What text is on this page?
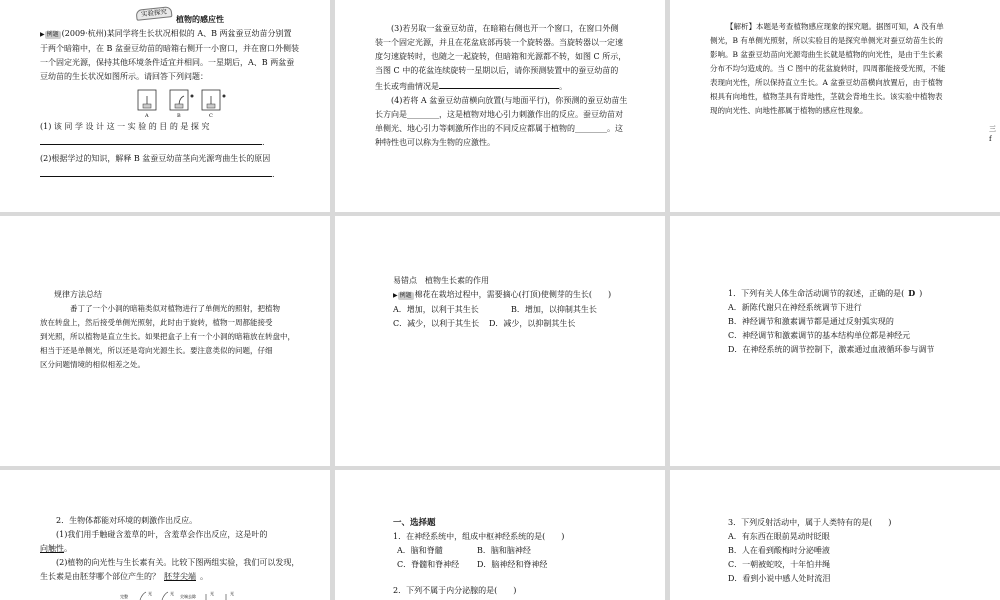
实验探究
植物的感应性

▶ 例题 (2009·杭州)某同学将生长状况相似的 A、B 两盆蚕豆幼苗分别置

于两个暗箱中，在 B 盆蚕豆幼苗的暗箱右侧开一小窗口，并在窗口外侧装

一个固定光源，保持其他环境条件适宜并相同。一星期后，A、B 两盆蚕

豆幼苗的生长状况如图所示。请回答下列问题：

A	B	C

(1) 该 同 学 设 计 这 一 实 验 的 目 的 是 探 究

.

(2)根据学过的知识，解释 B 盆蚕豆幼苗茎向光源弯曲生长的原因

.

(3)若另取一盆蚕豆幼苗，在暗箱右侧也开一个窗口，在窗口外侧

装一个固定光源，并且在花盆底部再装一个旋转器。当旋转器以一定速

度匀速旋转时，也随之一起旋转，但暗箱和光源都不转，如图 C 所示，

当图 C 中的花盆连续旋转一星期以后，请你预测装置中的蚕豆幼苗的

生长或弯曲情况是	。

(4)若将 A 盆蚕豆幼苗横向放置(与地面平行)，你预测的蚕豆幼苗生

长方向是________，这是植物对地心引力刺激作出的反应。蚕豆幼苗对

单侧光、地心引力等刺激所作出的不同反应都属于植物的________。这

种特性也可以称为生物的应激性。

【解析】本题是考查植物感应现象的探究题。据图可知，A 没有单

侧光，B 有单侧光照射，所以实验目的是探究单侧光对蚕豆幼苗生长的

影响。B 盆蚕豆幼苗向光源弯曲生长就是植物的向光性，是由于生长素

分布不均匀造成的。当 C 图中的花盆旋转时，四周都能接受光照，不能

表现向光性，所以保持直立生长。A 盆蚕豆幼苗横向放置后，由于植物

根具有向地性，植物茎具有背地性，茎就会背地生长。该实验中植物表

现的向光性、向地性都属于植物的感应性现象。

三
f
规律方法总结

番丁了一个小洞的暗箱类似对植物进行了单侧光的照射，把植物

放在转盘上，然后接受单侧光照射，此时由于旋转，植物一周都能接受

到光照，所以植物是直立生长。如果把盒子上有一个小洞的暗箱放在转盘中，

相当于还是单侧光，所以还是弯向光源生长。要注意类似的问题，仔细

区分问题情境的相似相差之处。

易错点　植物生长素的作用

▶ 例题 棉花在栽培过程中，需要摘心(打顶)使侧芽的生长(　　)

A．增加，以利于其生长	B．增加，以抑制其生长

C．减少，以利于其生长 D．减少，以抑制其生长

1．下列有关人体生命活动调节的叙述，正确的是( D )

A．新陈代谢只在神经系统调节下进行

B．神经调节和激素调节都是通过反射弧实现的

C．神经调节和激素调节的基本结构单位都是神经元

D．在神经系统的调节控制下，激素通过血液循环参与调节

2．生物体都能对环境的刺激作出反应。

(1)我们用手触碰含羞草的叶，含羞草会作出反应，这是叶的

向触性。

(2)植物的向光性与生长素有关。比较下图两组实验，我们可以发现，

生长素是由胚芽哪个部位产生的？ 胚芽尖端 。

完整
光	光
尖端去除
光	光
一、选择题

1．在神经系统中，组成中枢神经系统的是(　　)

A．脑和脊髓	B．脑和脑神经

C．脊髓和脊神经 D．脑神经和脊神经

2．下列不属于内分泌腺的是(　　)

3．下列反射活动中，属于人类特有的是(　　)

A．有东西在眼前晃动时眨眼

B．人在看到酸梅时分泌唾液

C．一朝被蛇咬，十年怕井绳

D．看到小说中感人处时流泪
